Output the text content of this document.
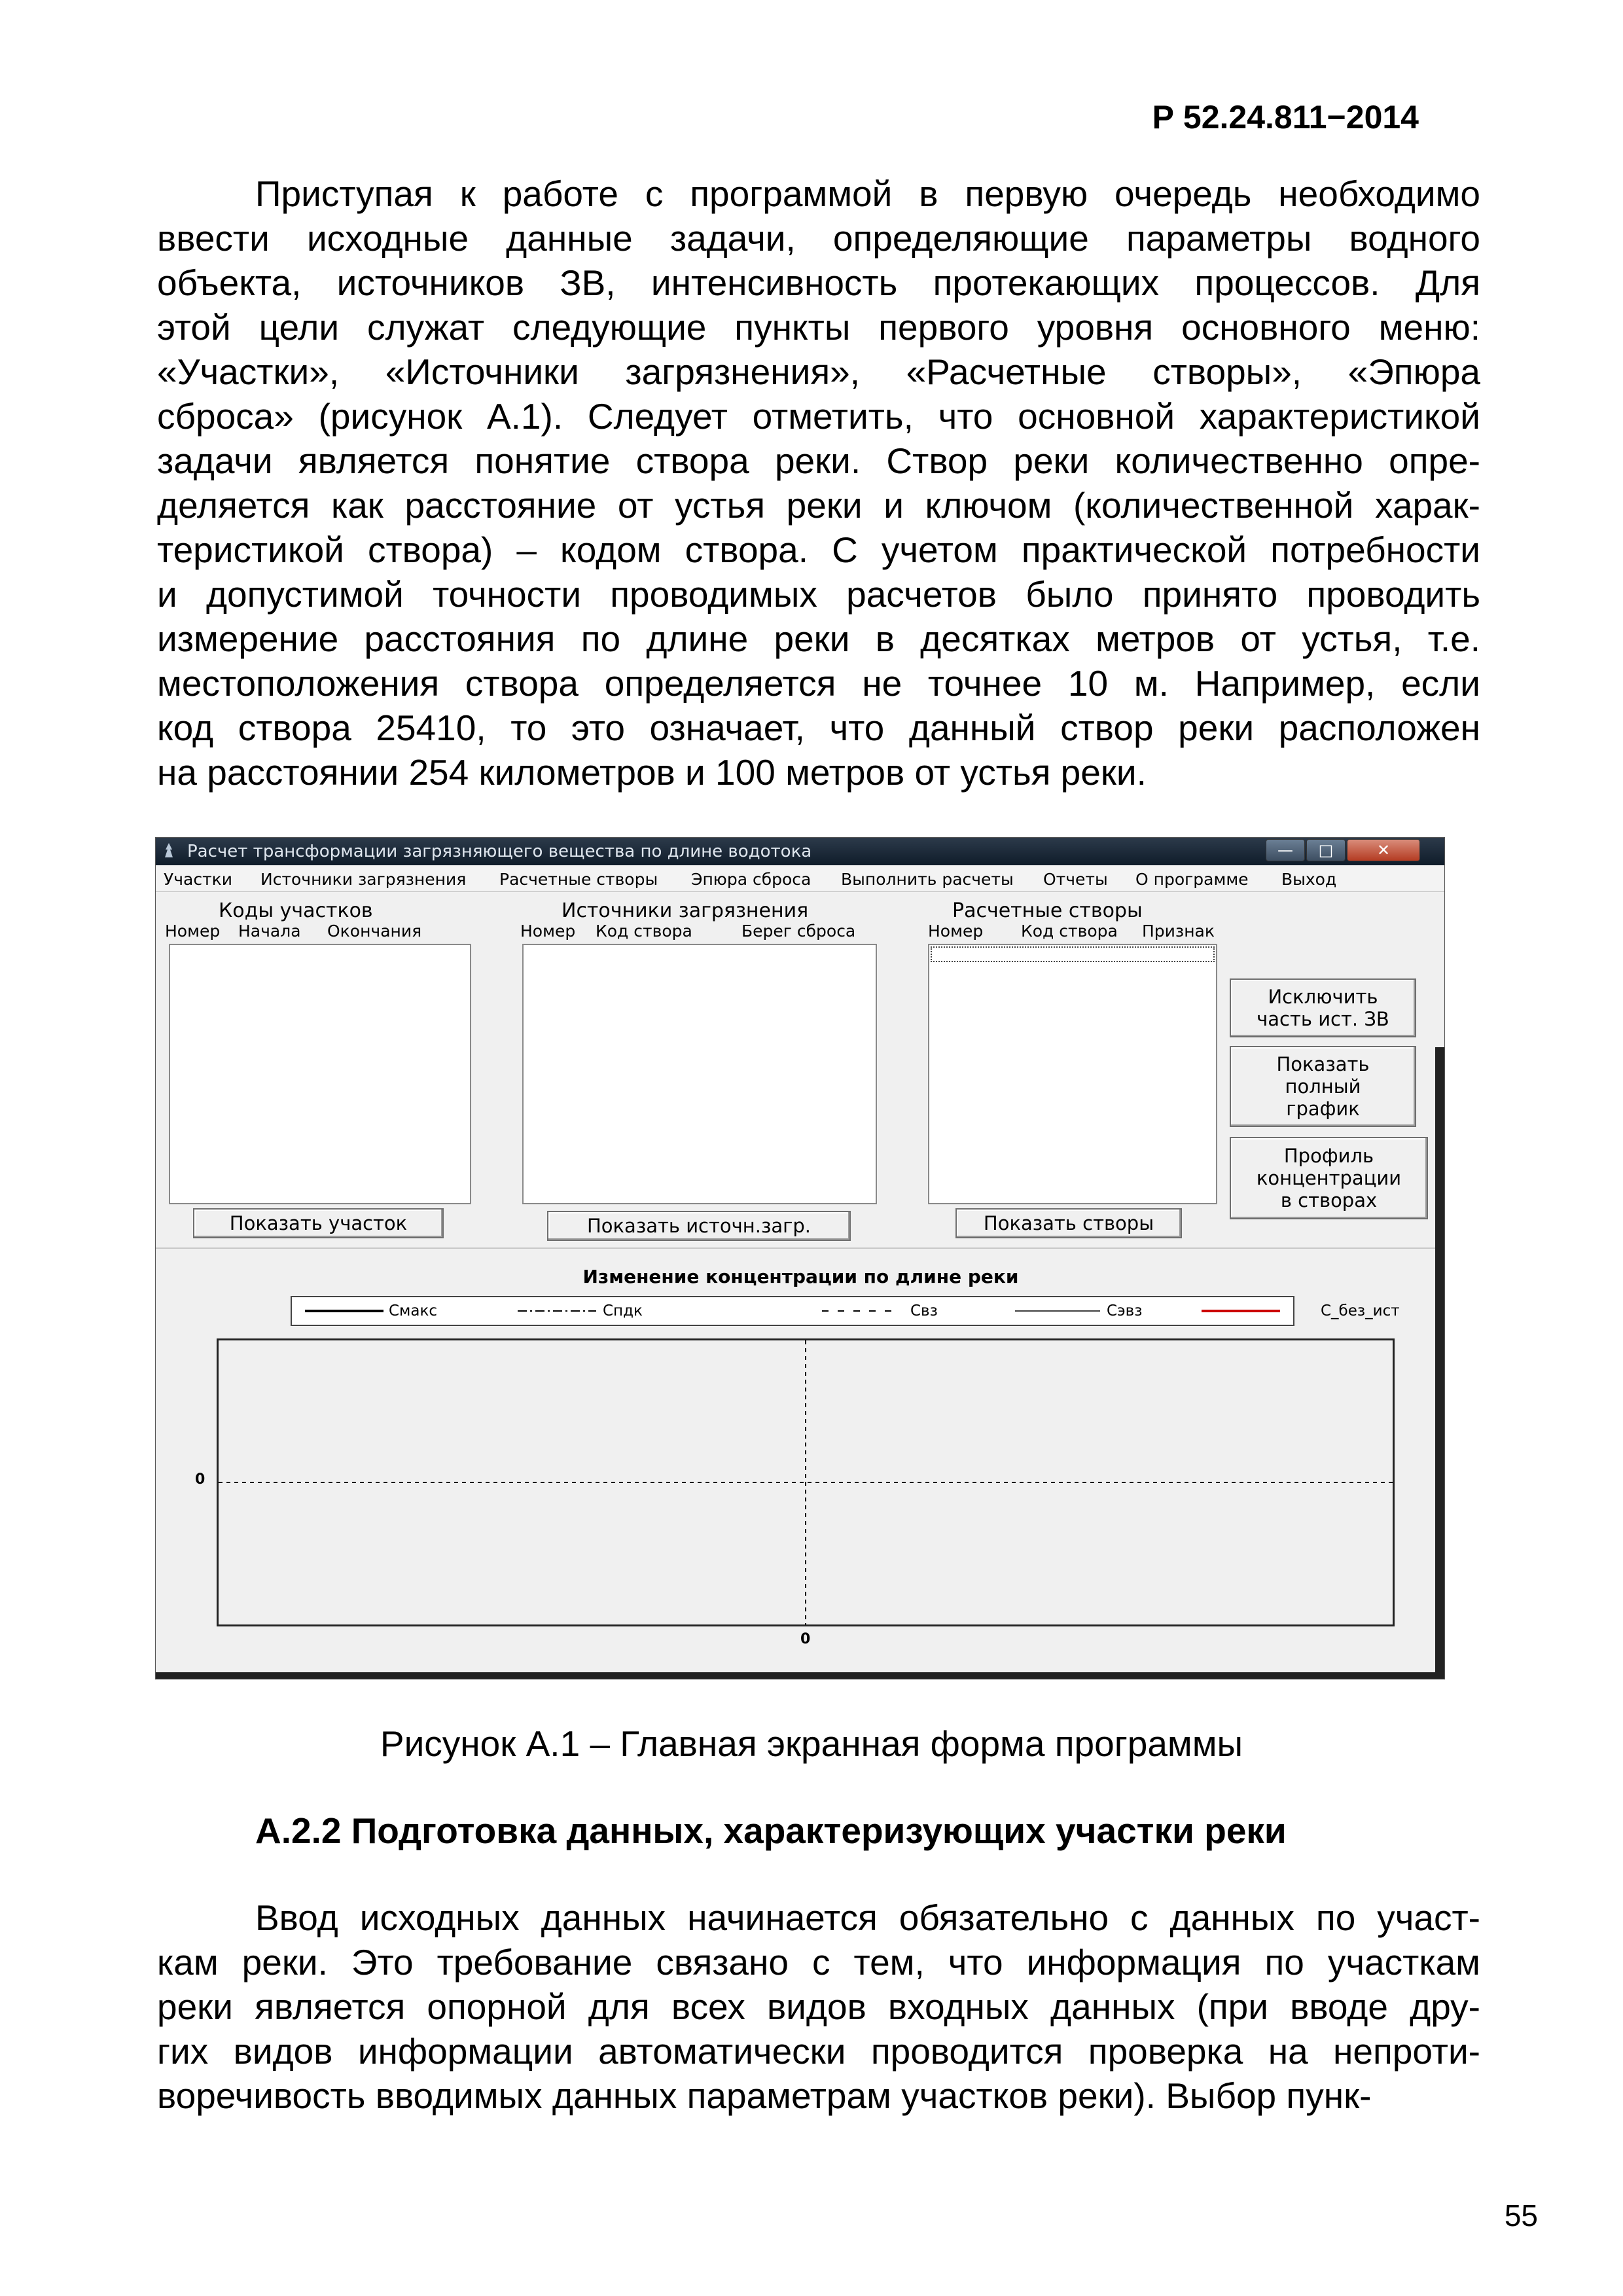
Р 52.24.811−2014
Приступая к работе с программой в первую очередь необходимо
ввести исходные данные задачи, определяющие параметры водного
объекта, источников ЗВ, интенсивность протекающих процессов. Для
этой цели служат следующие пункты первого уровня основного меню:
«Участки», «Источники загрязнения», «Расчетные створы», «Эпюра
сброса» (рисунок А.1). Следует отметить, что основной характеристикой
задачи является понятие створа реки. Створ реки количественно опре-
деляется как расстояние от устья реки и ключом (количественной харак-
теристикой створа) – кодом створа. С учетом практической потребности
и допустимой точности проводимых расчетов было принято проводить
измерение расстояния по длине реки в десятках метров от устья, т.е.
местоположения створа определяется не точнее 10 м. Например, если
код створа 25410, то это означает, что данный створ реки расположен
на расстоянии 254 километров и 100 метров от устья реки.
Расчет трансформации загрязняющего вещества по длине водотока	—	□	✕
Участки Источники загрязнения Расчетные створы Эпюра сброса Выполнить расчеты Отчеты О программе Выход
Коды участков
Номер Начала Окончания
Показать участок
Источники загрязнения
Номер Код створа	Берег сброса
Показать источн.загр.
Расчетные створы
Номер Код створа Признак
Показать створы
Исключить
часть ист. ЗВ
Показать
полный
график
Профиль
концентрации
в створах
Изменение концентрации по длине реки
Смакс	Спдк	Свз	Сэвз	С_без_ист
0
0
Рисунок А.1 – Главная экранная форма программы
А.2.2 Подготовка данных, характеризующих участки реки
Ввод исходных данных начинается обязательно с данных по участ-
кам реки. Это требование связано с тем, что информация по участкам
реки является опорной для всех видов входных данных (при вводе дру-
гих видов информации автоматически проводится проверка на непроти-
воречивость вводимых данных параметрам участков реки). Выбор пунк-
55
